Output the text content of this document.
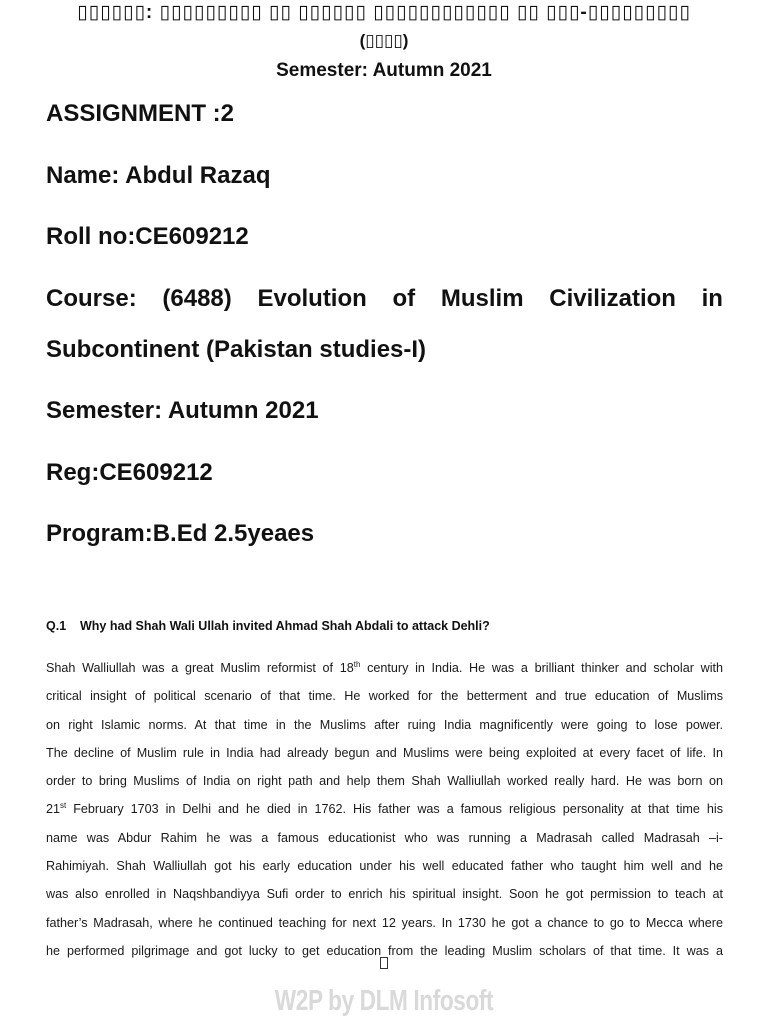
▯▯▯▯▯▯: ▯▯▯▯▯▯▯▯▯ ▯▯ ▯▯▯▯▯▯ ▯▯▯▯▯▯▯▯▯▯▯▯ ▯▯ ▯▯▯-▯▯▯▯▯▯▯▯▯
(▯▯▯▯)
Semester: Autumn 2021
ASSIGNMENT :2
Name: Abdul Razaq
Roll no:CE609212
Course: (6488) Evolution of Muslim Civilization in
Subcontinent (Pakistan studies-I)
Semester: Autumn 2021
Reg:CE609212
Program:B.Ed 2.5yeaes
Q.1 Why had Shah Wali Ullah invited Ahmad Shah Abdali to attack Dehli?
Shah Walliullah was a great Muslim reformist of 18th century in India. He was a brilliant thinker and scholar with
critical insight of political scenario of that time. He worked for the betterment and true education of Muslims
on right Islamic norms. At that time in the Muslims after ruing India magnificently were going to lose power.
The decline of Muslim rule in India had already begun and Muslims were being exploited at every facet of life. In
order to bring Muslims of India on right path and help them Shah Walliullah worked really hard. He was born on
21st February 1703 in Delhi and he died in 1762. His father was a famous religious personality at that time his
name was Abdur Rahim he was a famous educationist who was running a Madrasah called Madrasah –i-
Rahimiyah. Shah Walliullah got his early education under his well educated father who taught him well and he
was also enrolled in Naqshbandiyya Sufi order to enrich his spiritual insight. Soon he got permission to teach at
father’s Madrasah, where he continued teaching for next 12 years. In 1730 he got a chance to go to Mecca where
he performed pilgrimage and got lucky to get education from the leading Muslim scholars of that time. It was a
W2P by DLM Infosoft
